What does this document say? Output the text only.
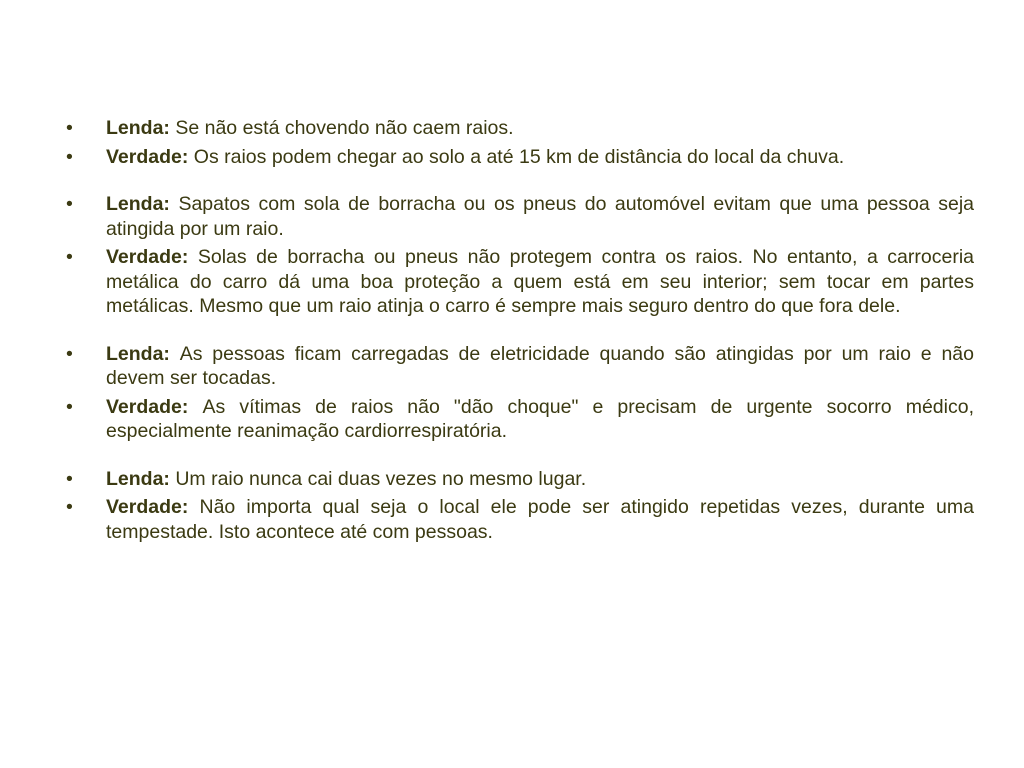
• Lenda: Se não está chovendo não caem raios.
• Verdade: Os raios podem chegar ao solo a até 15 km de distância do local da chuva.
• Lenda: Sapatos com sola de borracha ou os pneus do automóvel evitam que uma pessoa seja atingida por um raio.
• Verdade: Solas de borracha ou pneus não protegem contra os raios. No entanto, a carroceria metálica do carro dá uma boa proteção a quem está em seu interior; sem tocar em partes metálicas. Mesmo que um raio atinja o carro é sempre mais seguro dentro do que fora dele.
• Lenda: As pessoas ficam carregadas de eletricidade quando são atingidas por um raio e não devem ser tocadas.
• Verdade: As vítimas de raios não "dão choque" e precisam de urgente socorro médico, especialmente reanimação cardiorrespiratória.
• Lenda: Um raio nunca cai duas vezes no mesmo lugar.
• Verdade: Não importa qual seja o local ele pode ser atingido repetidas vezes, durante uma tempestade. Isto acontece até com pessoas.
